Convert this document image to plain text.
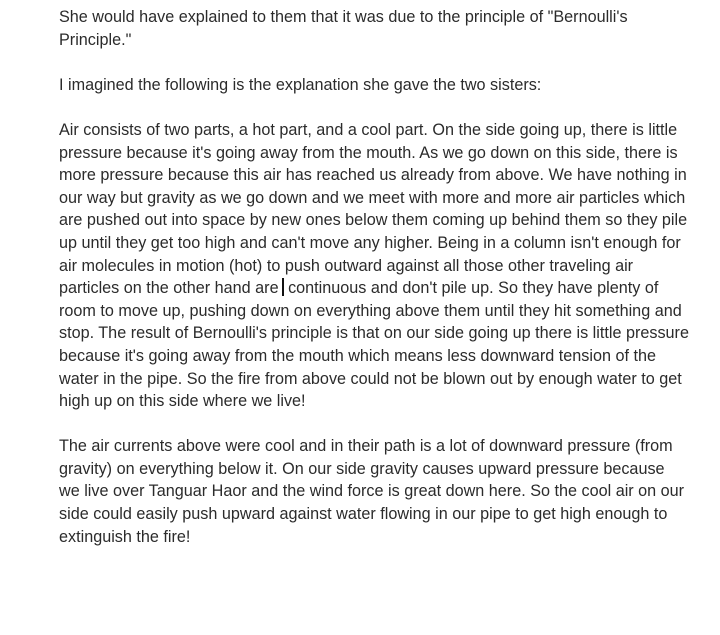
She would have explained to them that it was due to the principle of "Bernoulli's Principle."

I imagined the following is the explanation she gave the two sisters:

Air consists of two parts, a hot part, and a cool part. On the side going up, there is little pressure because it's going away from the mouth. As we go down on this side, there is more pressure because this air has reached us already from above. We have nothing in our way but gravity as we go down and we meet with more and more air particles which are pushed out into space by new ones below them coming up behind them so they pile up until they get too high and can't move any higher. Being in a column isn't enough for air molecules in motion (hot) to push outward against all those other traveling air particles on the other hand are continuous and don't pile up. So they have plenty of room to move up, pushing down on everything above them until they hit something and stop. The result of Bernoulli's principle is that on our side going up there is little pressure because it's going away from the mouth which means less downward tension of the water in the pipe. So the fire from above could not be blown out by enough water to get high up on this side where we live!

The air currents above were cool and in their path is a lot of downward pressure (from gravity) on everything below it. On our side gravity causes upward pressure because we live over Tanguar Haor and the wind force is great down here. So the cool air on our side could easily push upward against water flowing in our pipe to get high enough to extinguish the fire!
